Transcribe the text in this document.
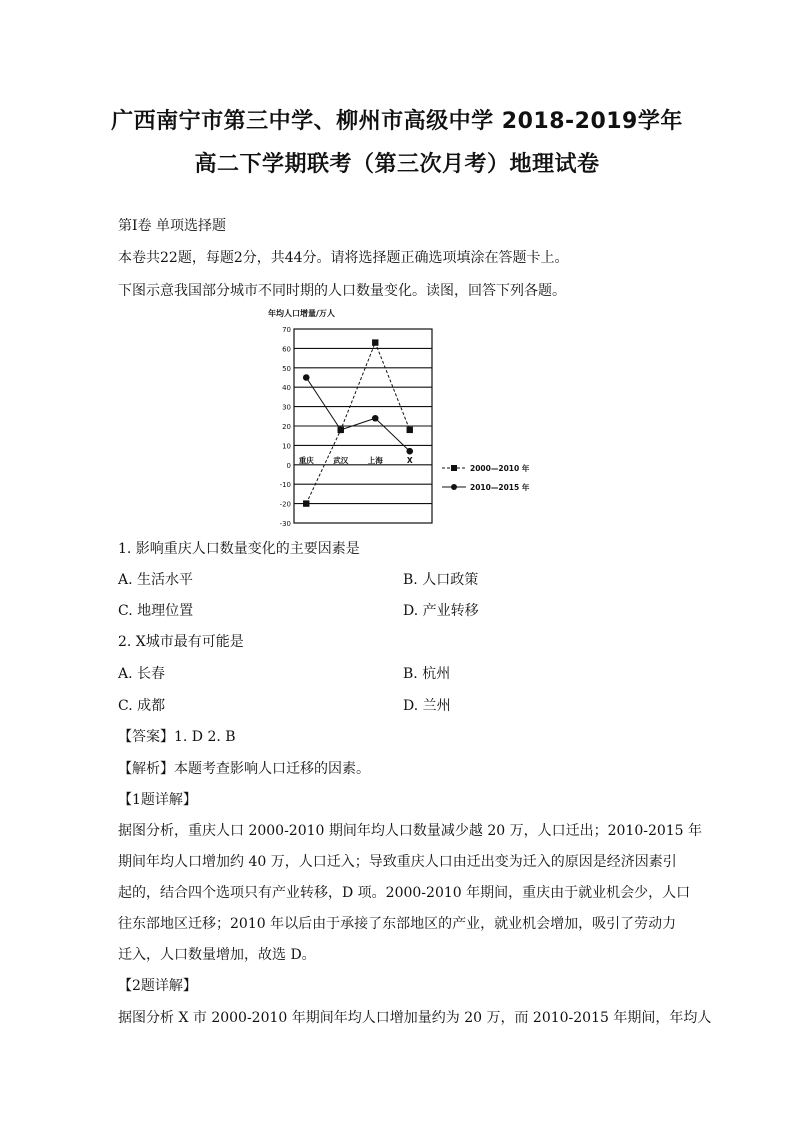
广西南宁市第三中学、柳州市高级中学 2018-2019学年
高二下学期联考（第三次月考）地理试卷
第Ⅰ卷 单项选择题
本卷共22题，每题2分，共44分。请将选择题正确选项填涂在答题卡上。
下图示意我国部分城市不同时期的人口数量变化。读图，回答下列各题。
年均人口增量/万人
70
60
50
40
30
20
10
0
-10
-20
-30
重庆	武汉	上海	X
2000—2010 年
2010—2015 年
1. 影响重庆人口数量变化的主要因素是
A. 生活水平	B. 人口政策
C. 地理位置	D. 产业转移
2. X城市最有可能是
A. 长春	B. 杭州
C. 成都	D. 兰州
【答案】1. D 2. B
【解析】本题考查影响人口迁移的因素。
【1题详解】
据图分析，重庆人口 2000-2010 期间年均人口数量减少越 20 万，人口迁出；2010-2015 年
期间年均人口增加约 40 万，人口迁入；导致重庆人口由迁出变为迁入的原因是经济因素引
起的，结合四个选项只有产业转移，D 项。2000-2010 年期间，重庆由于就业机会少，人口
往东部地区迁移；2010 年以后由于承接了东部地区的产业，就业机会增加，吸引了劳动力
迁入，人口数量增加，故选 D。
【2题详解】
据图分析 X 市 2000-2010 年期间年均人口增加量约为 20 万，而 2010-2015 年期间，年均人
